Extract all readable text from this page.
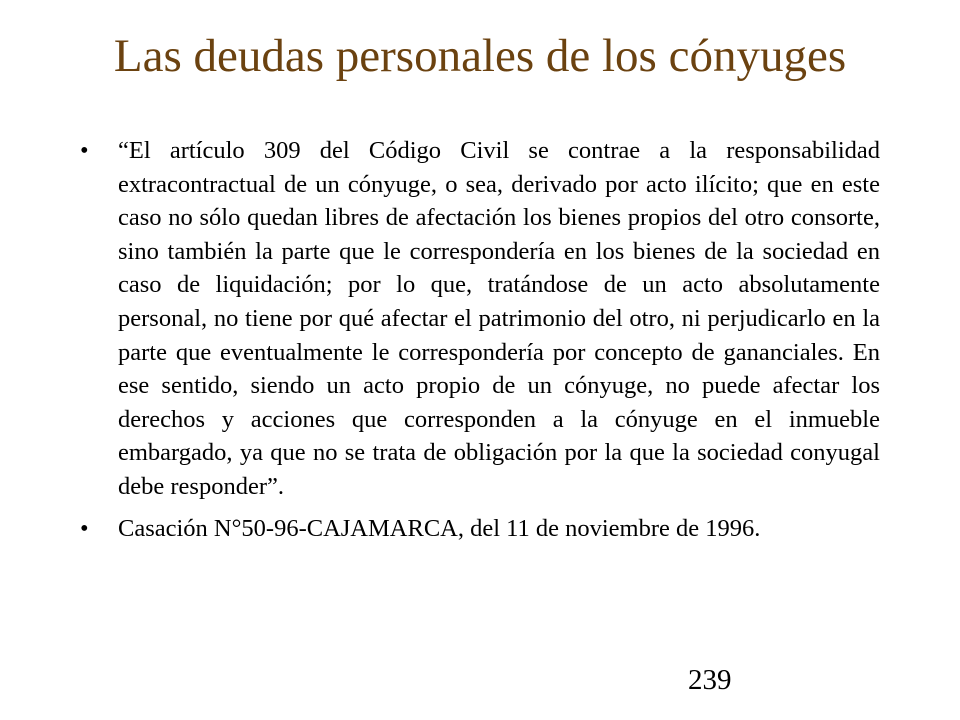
Las deudas personales de los cónyuges
•	“El artículo 309 del Código Civil se contrae a la responsabilidad extracontractual de un cónyuge, o sea, derivado por acto ilícito; que en este caso no sólo quedan libres de afectación los bienes propios del otro consorte, sino también la parte que le correspondería en los bienes de la sociedad en caso de liquidación; por lo que, tratándose de un acto absolutamente personal, no tiene por qué afectar el patrimonio del otro, ni perjudicarlo en la parte que eventualmente le correspondería por concepto de gananciales. En ese sentido, siendo un acto propio de un cónyuge, no puede afectar los derechos y acciones que corresponden a la cónyuge en el inmueble embargado, ya que no se trata de obligación por la que la sociedad conyugal debe responder”.
•	Casación N°50-96-CAJAMARCA, del 11 de noviembre de 1996.
239
